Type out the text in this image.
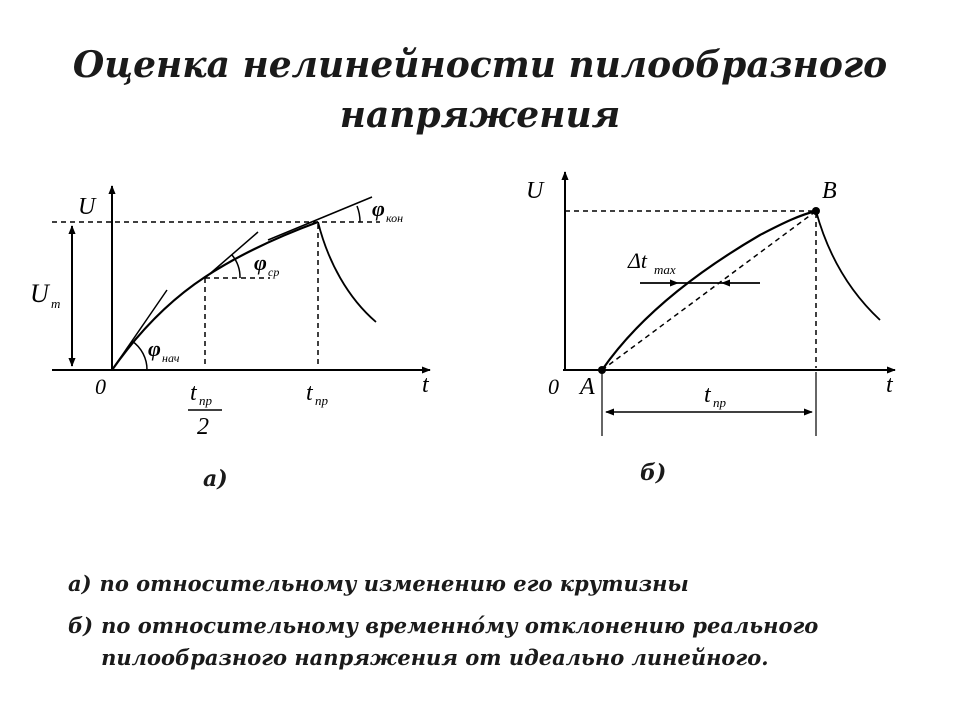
Оценка нелинейности пилообразного
напряжения
U
t
0
U m
φ нач
φ ср
φ кон
t пр
2
t пр
U
t
0 A
B
Δt max
t пр
а)	б)
а) по относительному изменению его крутизны
б) по относительному временно́му отклонению реального пилообразного напряжения от идеально линейного.
